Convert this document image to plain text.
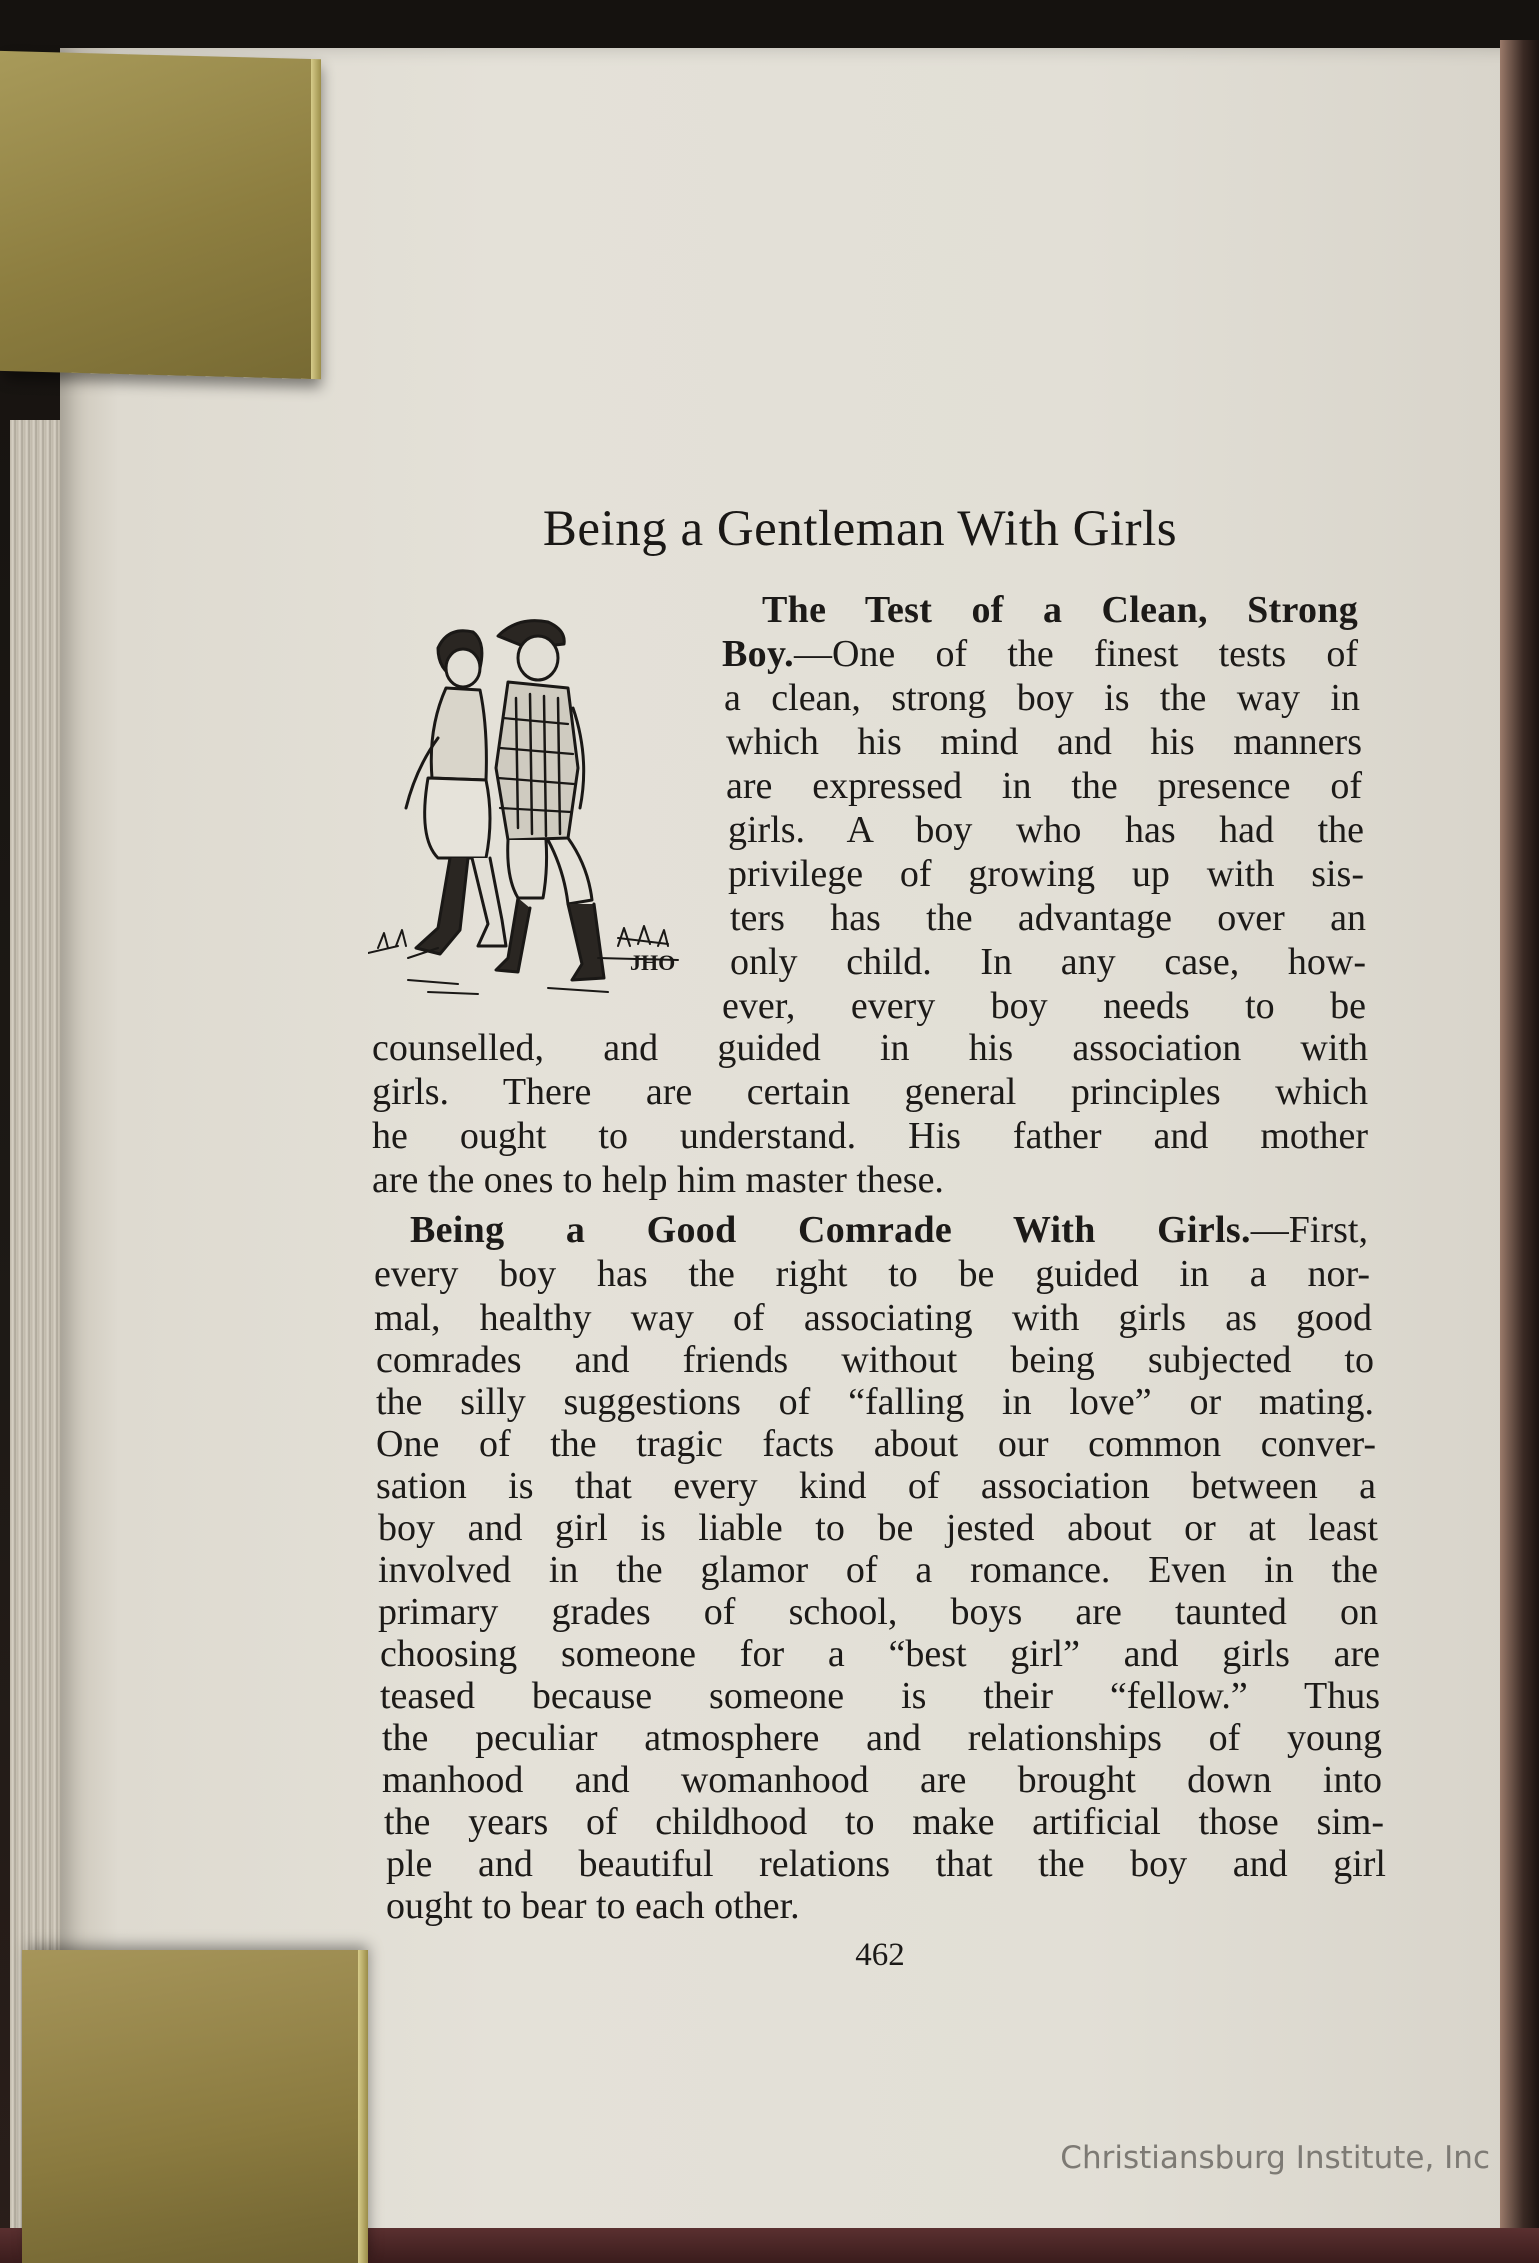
Being a Gentleman With Girls
JHO

The Test of a Clean, Strong

Boy.—One of the finest tests of

a clean, strong boy is the way in

which his mind and his manners

are expressed in the presence of

girls. A boy who has had the

privilege of growing up with sis-

ters has the advantage over an

only child. In any case, how-

ever, every boy needs to be

counselled, and guided in his association with

girls. There are certain general principles which

he ought to understand. His father and mother

are the ones to help him master these.

Being a Good Comrade With Girls.—First,

every boy has the right to be guided in a nor-

mal, healthy way of associating with girls as good

comrades and friends without being subjected to

the silly suggestions of “falling in love” or mating.

One of the tragic facts about our common conver-

sation is that every kind of association between a

boy and girl is liable to be jested about or at least

involved in the glamor of a romance. Even in the

primary grades of school, boys are taunted on

choosing someone for a “best girl” and girls are

teased because someone is their “fellow.” Thus

the peculiar atmosphere and relationships of young

manhood and womanhood are brought down into

the years of childhood to make artificial those sim-

ple and beautiful relations that the boy and girl

ought to bear to each other.

462
Christiansburg Institute, Inc
